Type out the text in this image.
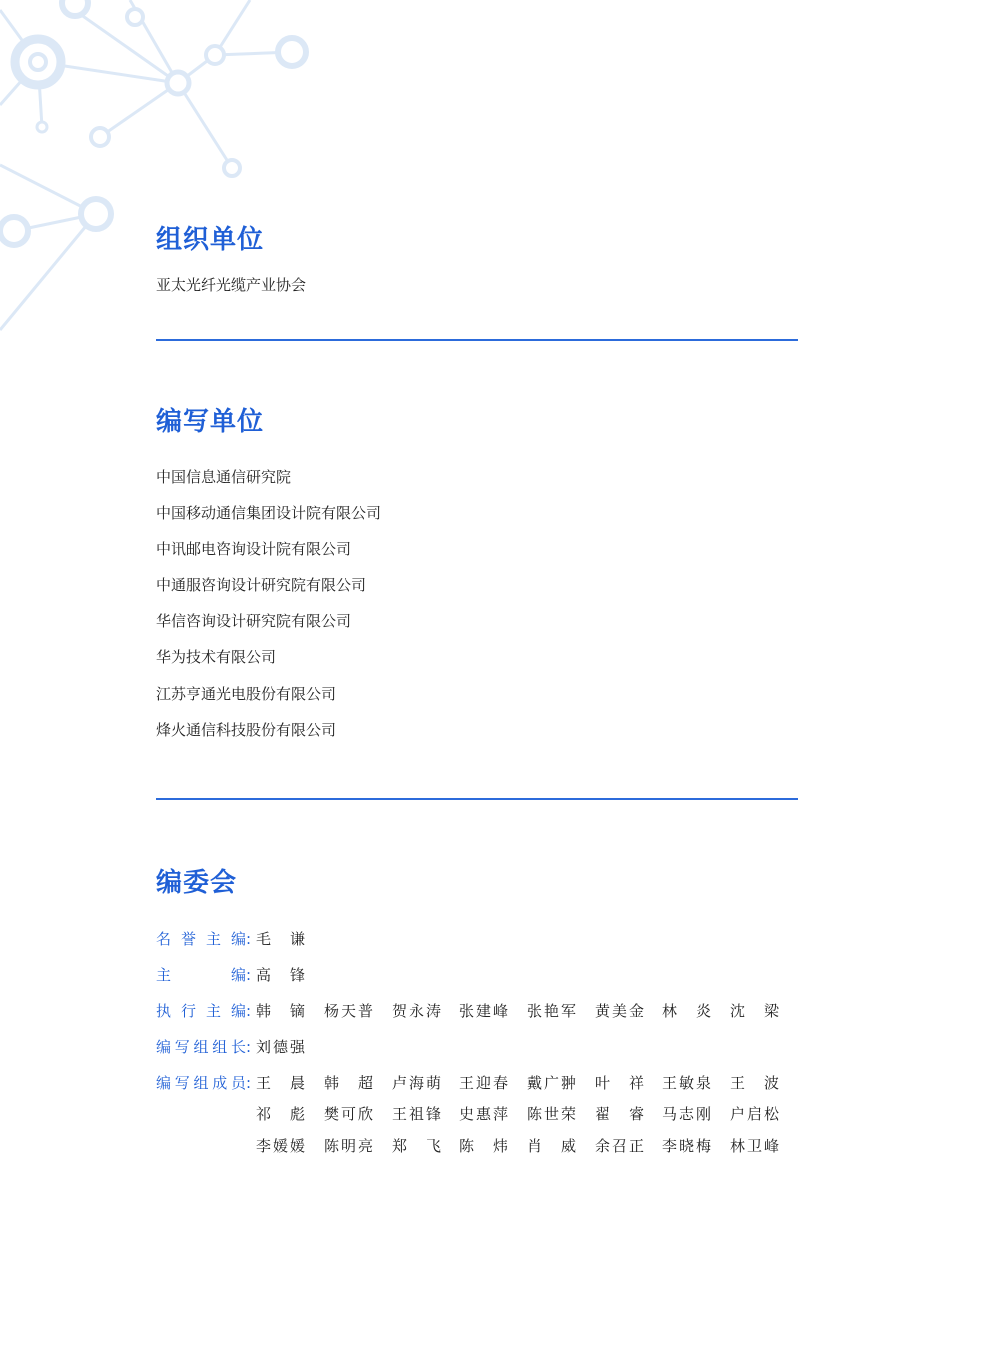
组织单位
亚太光纤光缆产业协会
编写单位
中国信息通信研究院
中国移动通信集团设计院有限公司
中讯邮电咨询设计院有限公司
中通服咨询设计研究院有限公司
华信咨询设计研究院有限公司
华为技术有限公司
江苏亨通光电股份有限公司
烽火通信科技股份有限公司
编委会
名誉主编 : 毛谦
主编 : 高锋
执行主编 : 韩镝 杨天普 贺永涛 张建峰 张艳军 黄美金 林炎 沈梁
编写组组长 : 刘德强
编写组成员 : 王晨 韩超 卢海萌 王迎春 戴广翀 叶祥 王敏泉 王波
祁彪 樊可欣 王祖锋 史惠萍 陈世荣 翟睿 马志刚 户启松
李媛媛 陈明亮 郑飞 陈炜 肖威 余召正 李晓梅 林卫峰
